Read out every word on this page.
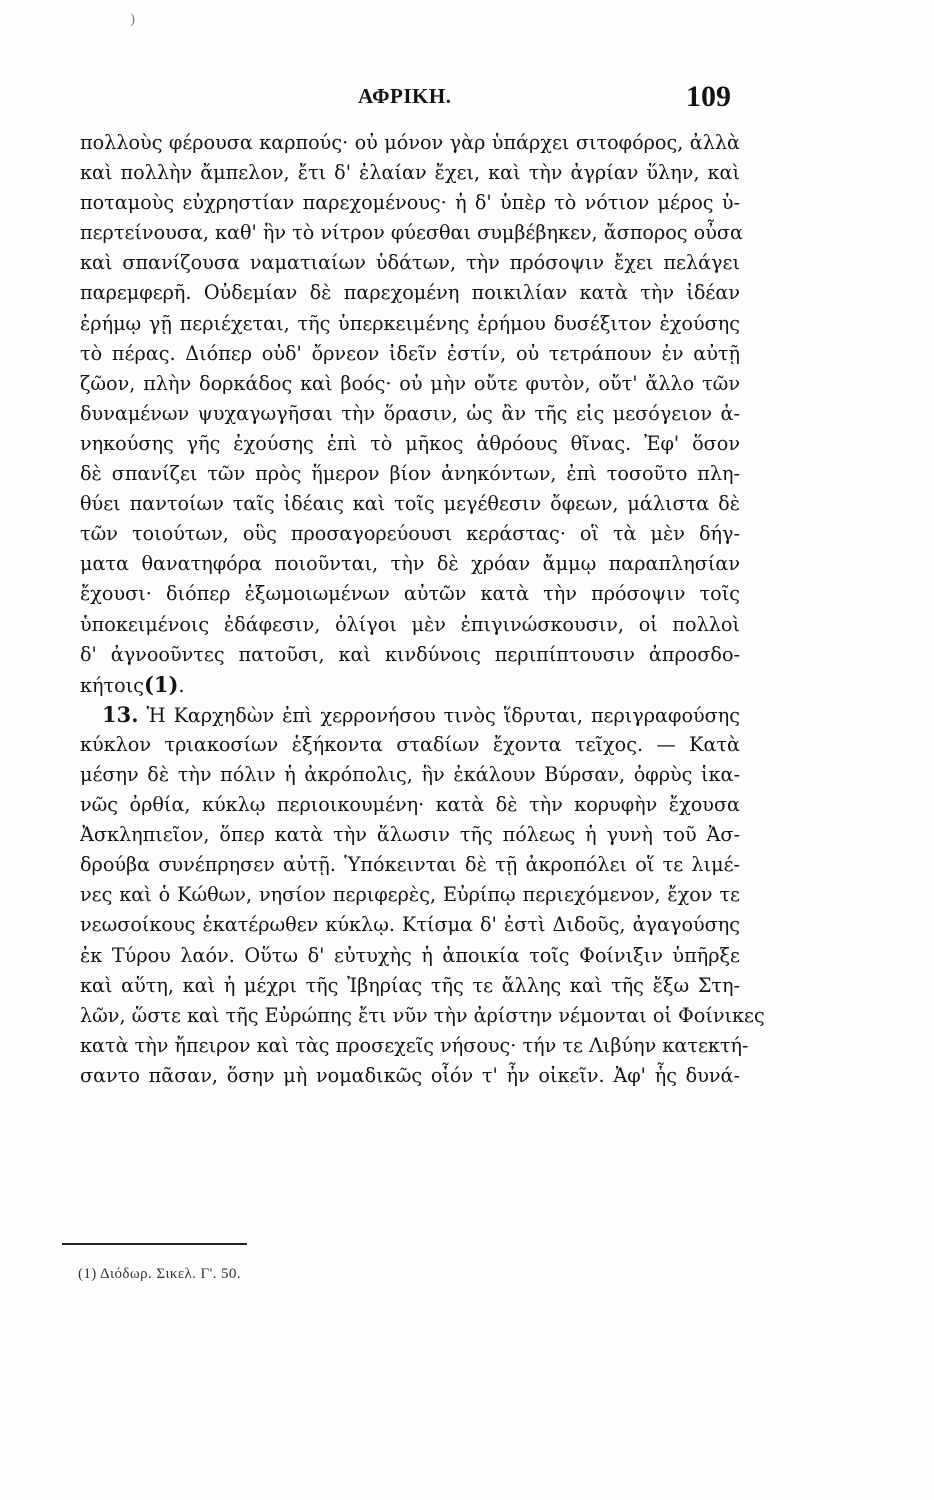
)
ΑΦΡΙΚΗ.	109
πολλοὺς φέρουσα καρπούς· οὐ μόνον γὰρ ὑπάρχει σιτοφόρος, ἀλλὰ
καὶ πολλὴν ἄμπελον, ἔτι δ' ἐλαίαν ἔχει, καὶ τὴν ἀγρίαν ὕλην, καὶ
ποταμοὺς εὐχρηστίαν παρεχομένους· ἡ δ' ὑπὲρ τὸ νότιον μέρος ὑ-
περτείνουσα, καθ' ἣν τὸ νίτρον φύεσθαι συμβέβηκεν, ἄσπορος οὖσα
καὶ σπανίζουσα ναματιαίων ὑδάτων, τὴν πρόσοψιν ἔχει πελάγει
παρεμφερῆ. Οὐδεμίαν δὲ παρεχομένη ποικιλίαν κατὰ τὴν ἰδέαν
ἐρήμῳ γῇ περιέχεται, τῆς ὑπερκειμένης ἐρήμου δυσέξιτον ἐχούσης
τὸ πέρας. Διόπερ οὐδ' ὄρνεον ἰδεῖν ἐστίν, οὐ τετράπουν ἐν αὐτῇ
ζῶον, πλὴν δορκάδος καὶ βοός· οὐ μὴν οὔτε φυτὸν, οὔτ' ἄλλο τῶν
δυναμένων ψυχαγωγῆσαι τὴν ὅρασιν, ὡς ἂν τῆς εἰς μεσόγειον ἀ-
νηκούσης γῆς ἐχούσης ἐπὶ τὸ μῆκος ἀθρόους θῖνας. Ἐφ' ὅσον
δὲ σπανίζει τῶν πρὸς ἥμερον βίον ἀνηκόντων, ἐπὶ τοσοῦτο πλη-
θύει παντοίων ταῖς ἰδέαις καὶ τοῖς μεγέθεσιν ὄφεων, μάλιστα δὲ
τῶν τοιούτων, οὓς προσαγορεύουσι κεράστας· οἳ τὰ μὲν δήγ-
ματα θανατηφόρα ποιοῦνται, τὴν δὲ χρόαν ἄμμῳ παραπλησίαν
ἔχουσι· διόπερ ἐξωμοιωμένων αὐτῶν κατὰ τὴν πρόσοψιν τοῖς
ὑποκειμένοις ἐδάφεσιν, ὀλίγοι μὲν ἐπιγινώσκουσιν, οἱ πολλοὶ
δ' ἀγνοοῦντες πατοῦσι, καὶ κινδύνοις περιπίπτουσιν ἀπροσδο-
κήτοις(1).
13. Ἡ Καρχηδὼν ἐπὶ χερρονήσου τινὸς ἵδρυται, περιγραφούσης
κύκλον τριακοσίων ἑξήκοντα σταδίων ἔχοντα τεῖχος. — Κατὰ
μέσην δὲ τὴν πόλιν ἡ ἀκρόπολις, ἣν ἐκάλουν Βύρσαν, ὀφρὺς ἱκα-
νῶς ὀρθία, κύκλῳ περιοικουμένη· κατὰ δὲ τὴν κορυφὴν ἔχουσα
Ἀσκληπιεῖον, ὅπερ κατὰ τὴν ἅλωσιν τῆς πόλεως ἡ γυνὴ τοῦ Ἀσ-
δρούβα συνέπρησεν αὐτῇ. Ὑπόκεινται δὲ τῇ ἀκροπόλει οἵ τε λιμέ-
νες καὶ ὁ Κώθων, νησίον περιφερὲς, Εὐρίπῳ περιεχόμενον, ἔχον τε
νεωσοίκους ἑκατέρωθεν κύκλῳ. Κτίσμα δ' ἐστὶ Διδοῦς, ἀγαγούσης
ἐκ Τύρου λαόν. Οὕτω δ' εὐτυχὴς ἡ ἀποικία τοῖς Φοίνιξιν ὑπῆρξε
καὶ αὕτη, καὶ ἡ μέχρι τῆς Ἰβηρίας τῆς τε ἄλλης καὶ τῆς ἔξω Στη-
λῶν, ὥστε καὶ τῆς Εὐρώπης ἔτι νῦν τὴν ἀρίστην νέμονται οἱ Φοίνικες
κατὰ τὴν ἤπειρον καὶ τὰς προσεχεῖς νήσους· τήν τε Λιβύην κατεκτή-
σαντο πᾶσαν, ὅσην μὴ νομαδικῶς οἷόν τ' ἦν οἰκεῖν. Ἀφ' ἧς δυνά-
(1) Διόδωρ. Σικελ. Γ'. 50.
